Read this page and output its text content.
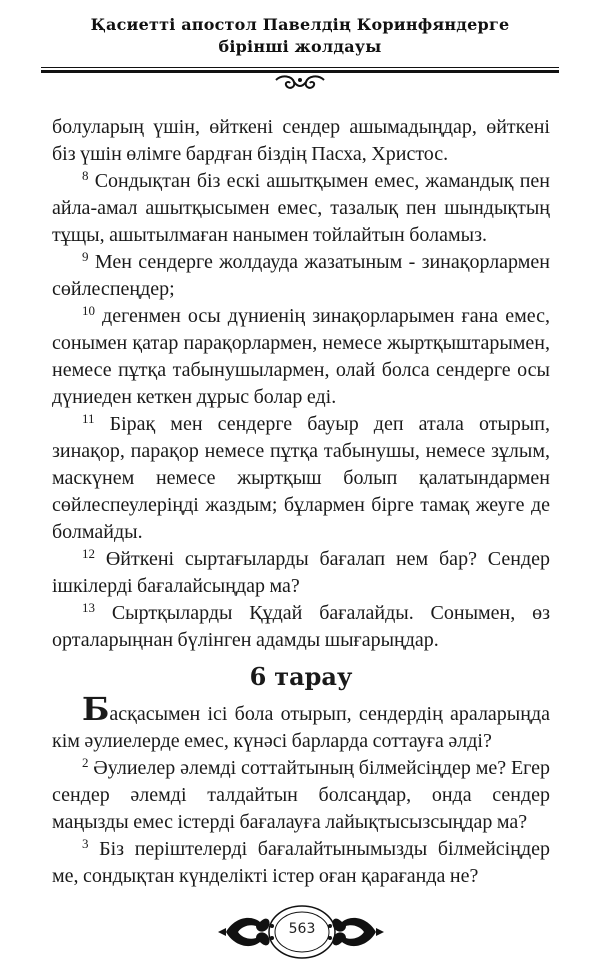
Қасиетті апостол Павелдің Коринфяндерге
бірінші жолдауы

болуларың үшін, өйткені сендер ашымадыңдар, өйткені біз үшін өлімге бардған біздің Пасха, Христос.

$^8$ Сондықтан біз ескі ашытқымен емес, жамандық пен айла-амал ашытқысымен емес, тазалық пен шындықтың тұщы, ашытылмаған нанымен тойлайтын боламыз.

$^9$ Мен сендерге жолдауда жазатыным - зинақорлармен сөйлеспеңдер;

$^{10}$ дегенмен осы дүниенің зинақорларымен ғана емес, сонымен қатар парақорлармен, немесе жыртқыштарымен, немесе пұтқа табынушылармен, олай болса сендерге осы дүниеден кеткен дұрыс болар еді.

$^{11}$ Бірақ мен сендерге бауыр деп атала отырып, зинақор, парақор немесе пұтқа табынушы, немесе зұлым, маскүнем немесе жыртқыш болып қалатындармен сөйлеспеулеріңді жаздым; бұлармен бірге тамақ жеуге де болмайды.

$^{12}$ Өйткені сыртағыларды бағалап нем бар? Сендер ішкілерді бағалайсыңдар ма?

$^{13}$ Сыртқыларды Құдай бағалайды. Сонымен, өз орталарыңнан бүлінген адамды шығарыңдар.

6 тарау

Басқасымен ісі бола отырып, сендердің араларыңда кім әулиелерде емес, күнәсі барларда соттауға әлді?

$^2$ Әулиелер әлемді соттайтының білмейсіңдер ме? Егер сендер әлемді талдайтын болсаңдар, онда сендер маңызды емес істерді бағалауға лайықтысызсыңдар ма?

$^3$ Біз періштелерді бағалайтынымызды білмейсіңдер ме, сондықтан күнделікті істер оған қарағанда не?

563
